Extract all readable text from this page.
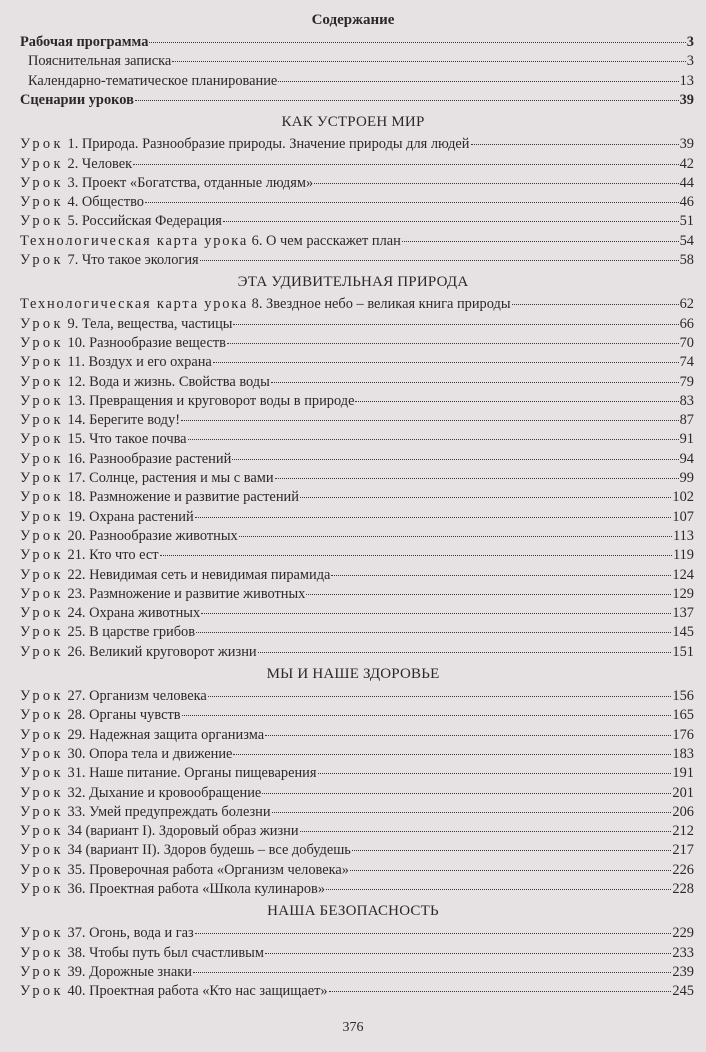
Содержание
Рабочая программа	3
Пояснительная записка	3
Календарно-тематическое планирование	13
Сценарии уроков	39
КАК УСТРОЕН МИР
Урок 1. Природа. Разнообразие природы. Значение природы для людей	39
Урок 2. Человек	42
Урок 3. Проект «Богатства, отданные людям»	44
Урок 4. Общество	46
Урок 5. Российская Федерация	51
Технологическая карта урока 6. О чем расскажет план	54
Урок 7. Что такое экология	58
ЭТА УДИВИТЕЛЬНАЯ ПРИРОДА
Технологическая карта урока 8. Звездное небо – великая книга природы	62
Урок 9. Тела, вещества, частицы	66
Урок 10. Разнообразие веществ	70
Урок 11. Воздух и его охрана	74
Урок 12. Вода и жизнь. Свойства воды	79
Урок 13. Превращения и круговорот воды в природе	83
Урок 14. Берегите воду!	87
Урок 15. Что такое почва	91
Урок 16. Разнообразие растений	94
Урок 17. Солнце, растения и мы с вами	99
Урок 18. Размножение и развитие растений	102
Урок 19. Охрана растений	107
Урок 20. Разнообразие животных	113
Урок 21. Кто что ест	119
Урок 22. Невидимая сеть и невидимая пирамида	124
Урок 23. Размножение и развитие животных	129
Урок 24. Охрана животных	137
Урок 25. В царстве грибов	145
Урок 26. Великий круговорот жизни	151
МЫ И НАШЕ ЗДОРОВЬЕ
Урок 27. Организм человека	156
Урок 28. Органы чувств	165
Урок 29. Надежная защита организма	176
Урок 30. Опора тела и движение	183
Урок 31. Наше питание. Органы пищеварения	191
Урок 32. Дыхание и кровообращение	201
Урок 33. Умей предупреждать болезни	206
Урок 34 (вариант I). Здоровый образ жизни	212
Урок 34 (вариант II). Здоров будешь – все добудешь	217
Урок 35. Проверочная работа «Организм человека»	226
Урок 36. Проектная работа «Школа кулинаров»	228
НАША БЕЗОПАСНОСТЬ
Урок 37. Огонь, вода и газ	229
Урок 38. Чтобы путь был счастливым	233
Урок 39. Дорожные знаки	239
Урок 40. Проектная работа «Кто нас защищает»	245
376
